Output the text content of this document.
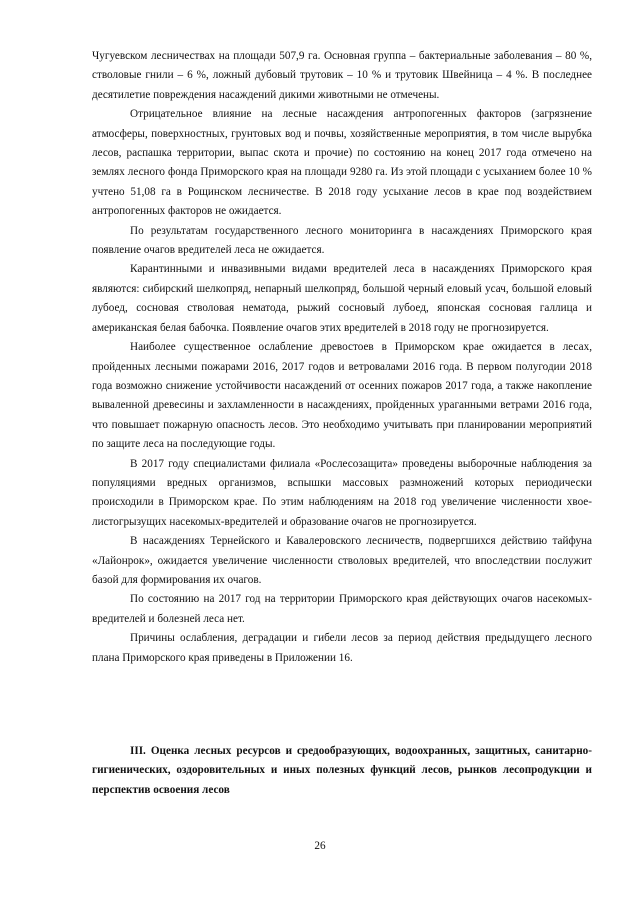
Чугуевском лесничествах на площади 507,9 га. Основная группа – бактериальные заболевания – 80 %, стволовые гнили – 6 %, ложный дубовый трутовик – 10 % и трутовик Швейница – 4 %. В последнее десятилетие повреждения насаждений дикими животными не отмечены.

Отрицательное влияние на лесные насаждения антропогенных факторов (загрязнение атмосферы, поверхностных, грунтовых вод и почвы, хозяйственные мероприятия, в том числе вырубка лесов, распашка территории, выпас скота и прочие) по состоянию на конец 2017 года отмечено на землях лесного фонда Приморского края на площади 9280 га. Из этой площади с усыханием более 10 % учтено 51,08 га в Рощинском лесничестве. В 2018 году усыхание лесов в крае под воздействием антропогенных факторов не ожидается.

По результатам государственного лесного мониторинга в насаждениях Приморского края появление очагов вредителей леса не ожидается.

Карантинными и инвазивными видами вредителей леса в насаждениях Приморского края являются: сибирский шелкопряд, непарный шелкопряд, большой черный еловый усач, большой еловый лубоед, сосновая стволовая нематода, рыжий сосновый лубоед, японская сосновая галлица и американская белая бабочка. Появление очагов этих вредителей в 2018 году не прогнозируется.

Наиболее существенное ослабление древостоев в Приморском крае ожидается в лесах, пройденных лесными пожарами 2016, 2017 годов и ветровалами 2016 года. В первом полугодии 2018 года возможно снижение устойчивости насаждений от осенних пожаров 2017 года, а также накопление вываленной древесины и захламленности в насаждениях, пройденных ураганными ветрами 2016 года, что повышает пожарную опасность лесов. Это необходимо учитывать при планировании мероприятий по защите леса на последующие годы.

В 2017 году специалистами филиала «Рослесозащита» проведены выборочные наблюдения за популяциями вредных организмов, вспышки массовых размножений которых периодически происходили в Приморском крае. По этим наблюдениям на 2018 год увеличение численности хвое-листогрызущих насекомых-вредителей и образование очагов не прогнозируется.

В насаждениях Тернейского и Кавалеровского лесничеств, подвергшихся действию тайфуна «Лайонрок», ожидается увеличение численности стволовых вредителей, что впоследствии послужит базой для формирования их очагов.

По состоянию на 2017 год на территории Приморского края действующих очагов насекомых-вредителей и болезней леса нет.

Причины ослабления, деградации и гибели лесов за период действия предыдущего лесного плана Приморского края приведены в Приложении 16.

III. Оценка лесных ресурсов и средообразующих, водоохранных, защитных, санитарно-гигиенических, оздоровительных и иных полезных функций лесов, рынков лесопродукции и перспектив освоения лесов

26
